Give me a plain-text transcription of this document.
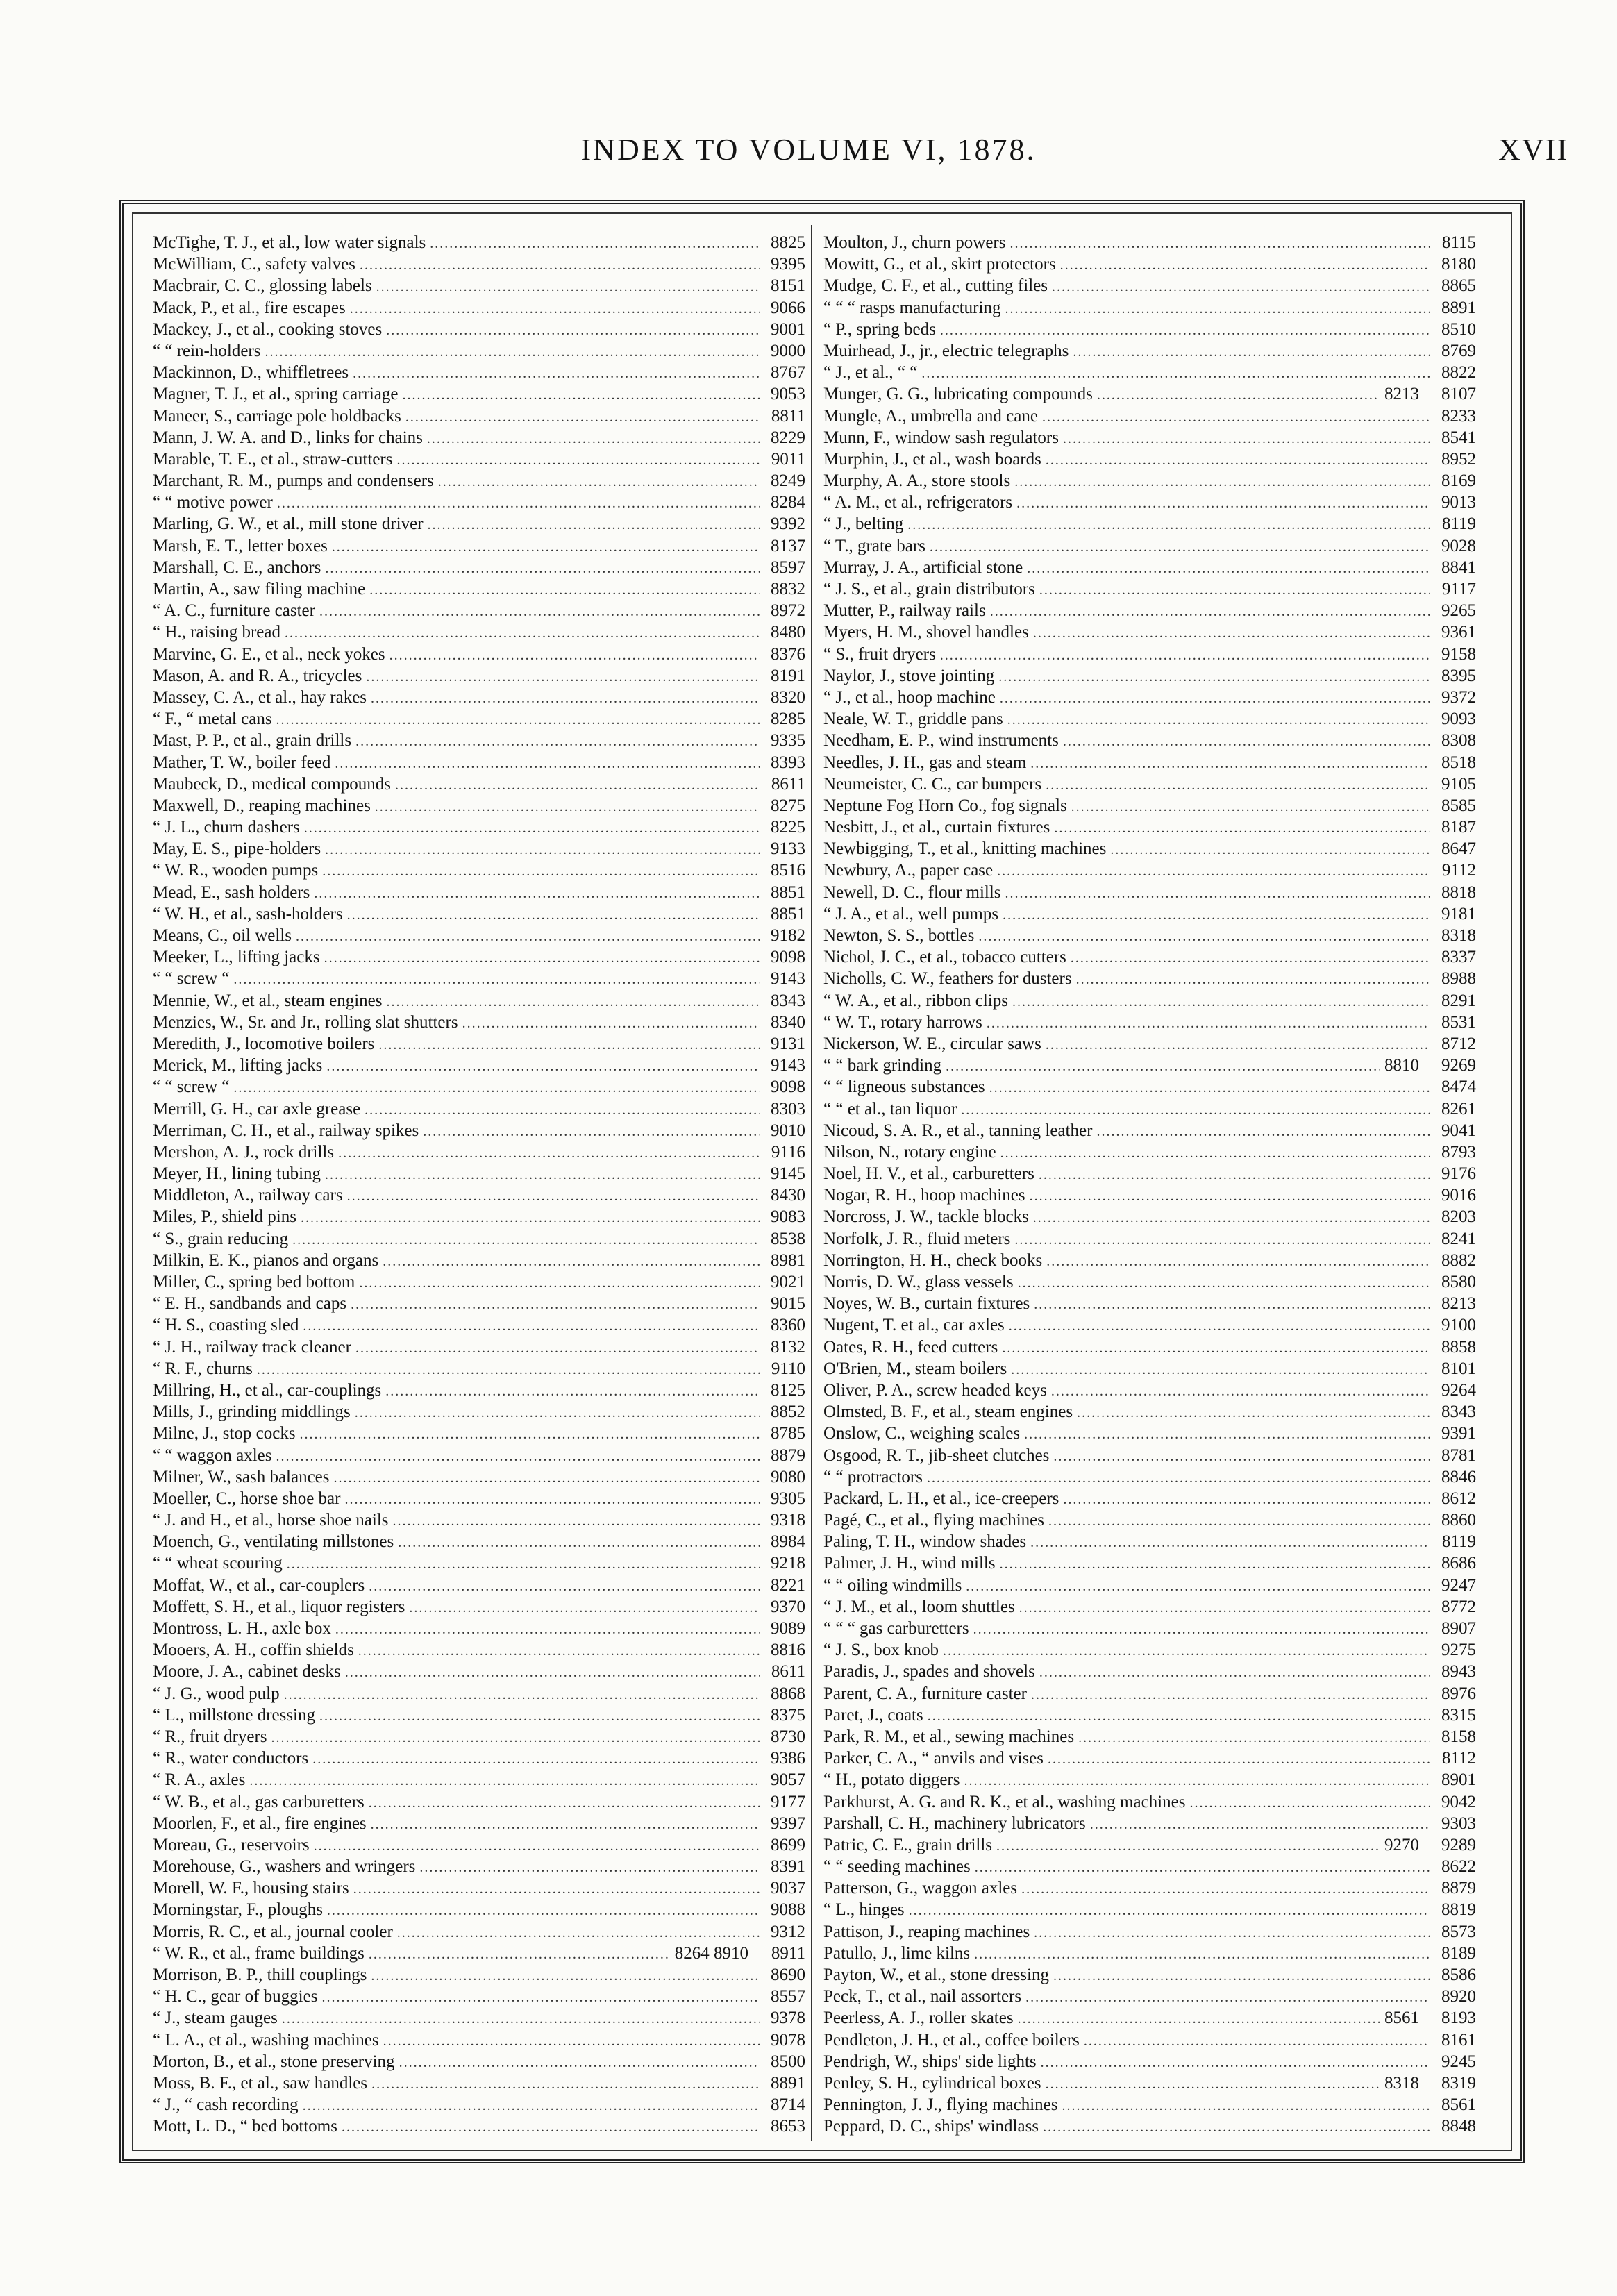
INDEX TO VOLUME VI, 1878.	XVII
McTighe, T. J., et al., low water signals .....	8825
McWilliam, C., safety valves .....	9395
Macbrair, C. C., glossing labels .....	8151
Mack, P., et al., fire escapes .....	9066
Mackey, J., et al., cooking stoves .....	9001
“ “ rein-holders .....	9000
Mackinnon, D., whiffletrees .....	8767
Magner, T. J., et al., spring carriage .....	9053
Maneer, S., carriage pole holdbacks .....	8811
Mann, J. W. A. and D., links for chains .....	8229
Marable, T. E., et al., straw-cutters .....	9011
Marchant, R. M., pumps and condensers .....	8249
“ “ motive power .....	8284
Marling, G. W., et al., mill stone driver .....	9392
Marsh, E. T., letter boxes .....	8137
Marshall, C. E., anchors .....	8597
Martin, A., saw filing machine .....	8832
“ A. C., furniture caster .....	8972
“ H., raising bread .....	8480
Marvine, G. E., et al., neck yokes .....	8376
Mason, A. and R. A., tricycles .....	8191
Massey, C. A., et al., hay rakes .....	8320
“ F., “ metal cans .....	8285
Mast, P. P., et al., grain drills .....	9335
Mather, T. W., boiler feed .....	8393
Maubeck, D., medical compounds .....	8611
Maxwell, D., reaping machines .....	8275
“ J. L., churn dashers .....	8225
May, E. S., pipe-holders .....	9133
“ W. R., wooden pumps .....	8516
Mead, E., sash holders .....	8851
“ W. H., et al., sash-holders .....	8851
Means, C., oil wells .....	9182
Meeker, L., lifting jacks .....	9098
“ “ screw “ .....	9143
Mennie, W., et al., steam engines .....	8343
Menzies, W., Sr. and Jr., rolling slat shutters .....	8340
Meredith, J., locomotive boilers .....	9131
Merick, M., lifting jacks .....	9143
“ “ screw “ .....	9098
Merrill, G. H., car axle grease .....	8303
Merriman, C. H., et al., railway spikes .....	9010
Mershon, A. J., rock drills .....	9116
Meyer, H., lining tubing .....	9145
Middleton, A., railway cars .....	8430
Miles, P., shield pins .....	9083
“ S., grain reducing .....	8538
Milkin, E. K., pianos and organs .....	8981
Miller, C., spring bed bottom .....	9021
“ E. H., sandbands and caps .....	9015
“ H. S., coasting sled .....	8360
“ J. H., railway track cleaner .....	8132
“ R. F., churns .....	9110
Millring, H., et al., car-couplings .....	8125
Mills, J., grinding middlings .....	8852
Milne, J., stop cocks .....	8785
“ “ waggon axles .....	8879
Milner, W., sash balances .....	9080
Moeller, C., horse shoe bar .....	9305
“ J. and H., et al., horse shoe nails .....	9318
Moench, G., ventilating millstones .....	8984
“ “ wheat scouring .....	9218
Moffat, W., et al., car-couplers .....	8221
Moffett, S. H., et al., liquor registers .....	9370
Montross, L. H., axle box .....	9089
Mooers, A. H., coffin shields .....	8816
Moore, J. A., cabinet desks .....	8611
“ J. G., wood pulp .....	8868
“ L., millstone dressing .....	8375
“ R., fruit dryers .....	8730
“ R., water conductors .....	9386
“ R. A., axles .....	9057
“ W. B., et al., gas carburetters .....	9177
Moorlen, F., et al., fire engines .....	9397
Moreau, G., reservoirs .....	8699
Morehouse, G., washers and wringers .....	8391
Morell, W. F., housing stairs .....	9037
Morningstar, F., ploughs .....	9088
Morris, R. C., et al., journal cooler .....	9312
“ W. R., et al., frame buildings .....	8264 8910	8911
Morrison, B. P., thill couplings .....	8690
“ H. C., gear of buggies .....	8557
“ J., steam gauges .....	9378
“ L. A., et al., washing machines .....	9078
Morton, B., et al., stone preserving .....	8500
Moss, B. F., et al., saw handles .....	8891
“ J., “ cash recording .....	8714
Mott, L. D., “ bed bottoms .....	8653
Moulton, J., churn powers .....	8115
Mowitt, G., et al., skirt protectors .....	8180
Mudge, C. F., et al., cutting files .....	8865
“ “ “ rasps manufacturing .....	8891
“ P., spring beds .....	8510
Muirhead, J., jr., electric telegraphs .....	8769
“ J., et al., “ “ .....	8822
Munger, G. G., lubricating compounds .....	8213	8107
Mungle, A., umbrella and cane .....	8233
Munn, F., window sash regulators .....	8541
Murphin, J., et al., wash boards .....	8952
Murphy, A. A., store stools .....	8169
“ A. M., et al., refrigerators .....	9013
“ J., belting .....	8119
“ T., grate bars .....	9028
Murray, J. A., artificial stone .....	8841
“ J. S., et al., grain distributors .....	9117
Mutter, P., railway rails .....	9265
Myers, H. M., shovel handles .....	9361
“ S., fruit dryers .....	9158
Naylor, J., stove jointing .....	8395
“ J., et al., hoop machine .....	9372
Neale, W. T., griddle pans .....	9093
Needham, E. P., wind instruments .....	8308
Needles, J. H., gas and steam .....	8518
Neumeister, C. C., car bumpers .....	9105
Neptune Fog Horn Co., fog signals .....	8585
Nesbitt, J., et al., curtain fixtures .....	8187
Newbigging, T., et al., knitting machines .....	8647
Newbury, A., paper case .....	9112
Newell, D. C., flour mills .....	8818
“ J. A., et al., well pumps .....	9181
Newton, S. S., bottles .....	8318
Nichol, J. C., et al., tobacco cutters .....	8337
Nicholls, C. W., feathers for dusters .....	8988
“ W. A., et al., ribbon clips .....	8291
“ W. T., rotary harrows .....	8531
Nickerson, W. E., circular saws .....	8712
“ “ bark grinding .....	8810	9269
“ “ ligneous substances .....	8474
“ “ et al., tan liquor .....	8261
Nicoud, S. A. R., et al., tanning leather .....	9041
Nilson, N., rotary engine .....	8793
Noel, H. V., et al., carburetters .....	9176
Nogar, R. H., hoop machines .....	9016
Norcross, J. W., tackle blocks .....	8203
Norfolk, J. R., fluid meters .....	8241
Norrington, H. H., check books .....	8882
Norris, D. W., glass vessels .....	8580
Noyes, W. B., curtain fixtures .....	8213
Nugent, T. et al., car axles .....	9100
Oates, R. H., feed cutters .....	8858
O'Brien, M., steam boilers .....	8101
Oliver, P. A., screw headed keys .....	9264
Olmsted, B. F., et al., steam engines .....	8343
Onslow, C., weighing scales .....	9391
Osgood, R. T., jib-sheet clutches .....	8781
“ “ protractors .....	8846
Packard, L. H., et al., ice-creepers .....	8612
Pagé, C., et al., flying machines .....	8860
Paling, T. H., window shades .....	8119
Palmer, J. H., wind mills .....	8686
“ “ oiling windmills .....	9247
“ J. M., et al., loom shuttles .....	8772
“ “ “ gas carburetters .....	8907
“ J. S., box knob .....	9275
Paradis, J., spades and shovels .....	8943
Parent, C. A., furniture caster .....	8976
Paret, J., coats .....	8315
Park, R. M., et al., sewing machines .....	8158
Parker, C. A., “ anvils and vises .....	8112
“ H., potato diggers .....	8901
Parkhurst, A. G. and R. K., et al., washing machines .....	9042
Parshall, C. H., machinery lubricators .....	9303
Patric, C. E., grain drills .....	9270	9289
“ “ seeding machines .....	8622
Patterson, G., waggon axles .....	8879
“ L., hinges .....	8819
Pattison, J., reaping machines .....	8573
Patullo, J., lime kilns .....	8189
Payton, W., et al., stone dressing .....	8586
Peck, T., et al., nail assorters .....	8920
Peerless, A. J., roller skates .....	8561	8193
Pendleton, J. H., et al., coffee boilers .....	8161
Pendrigh, W., ships' side lights .....	9245
Penley, S. H., cylindrical boxes .....	8318	8319
Pennington, J. J., flying machines .....	8561
Peppard, D. C., ships' windlass .....	8848
